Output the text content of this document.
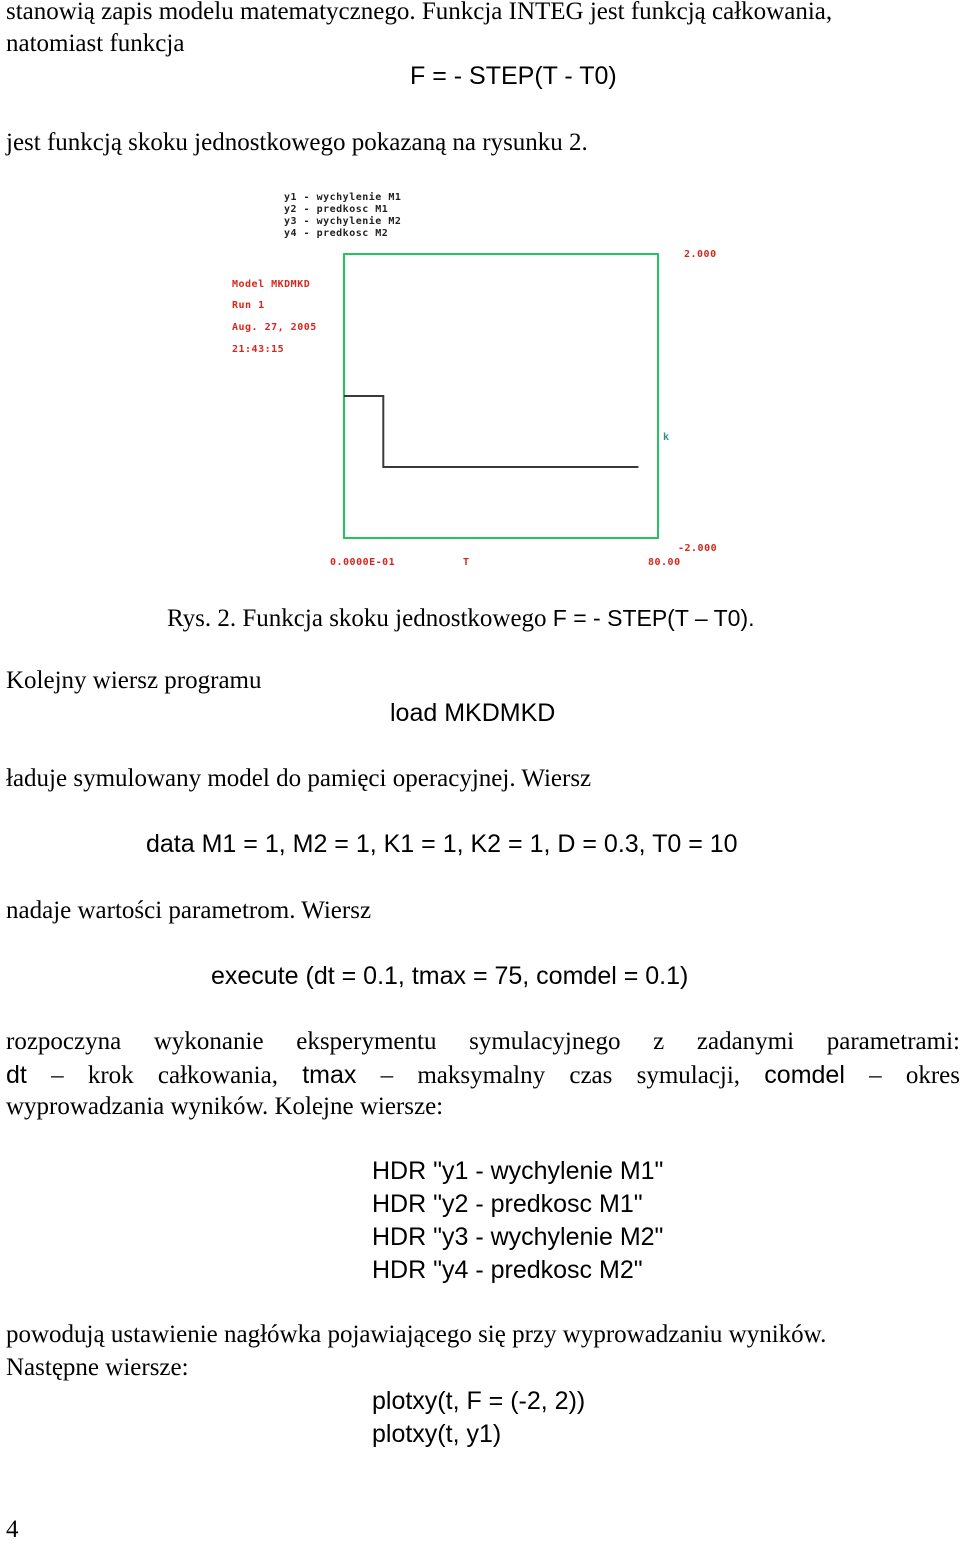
stanowią zapis modelu matematycznego. Funkcja INTEG jest funkcją całkowania,
natomiast funkcja
F = - STEP(T - T0)
jest funkcją skoku jednostkowego pokazaną na rysunku 2.
y1 - wychylenie M1
y2 - predkosc M1
y3 - wychylenie M2
y4 - predkosc M2
Model MKDMKD
Run 1
Aug. 27, 2005
21:43:15
2.000
-2.000
0.0000E-01	T	80.00
k
Rys. 2. Funkcja skoku jednostkowego F = - STEP(T – T0).
Kolejny wiersz programu
load MKDMKD
ładuje symulowany model do pamięci operacyjnej. Wiersz
data M1 = 1, M2 = 1, K1 = 1, K2 = 1, D = 0.3, T0 = 10
nadaje wartości parametrom. Wiersz
execute (dt = 0.1, tmax = 75, comdel = 0.1)
rozpoczyna wykonanie eksperymentu symulacyjnego z zadanymi parametrami:
dt – krok całkowania, tmax – maksymalny czas symulacji, comdel – okres
wyprowadzania wyników. Kolejne wiersze:
HDR "y1 - wychylenie M1"
HDR "y2 - predkosc M1"
HDR "y3 - wychylenie M2"
HDR "y4 - predkosc M2"
powodują ustawienie nagłówka pojawiającego się przy wyprowadzaniu wyników.
Następne wiersze:
plotxy(t, F = (-2, 2))
plotxy(t, y1)
4
